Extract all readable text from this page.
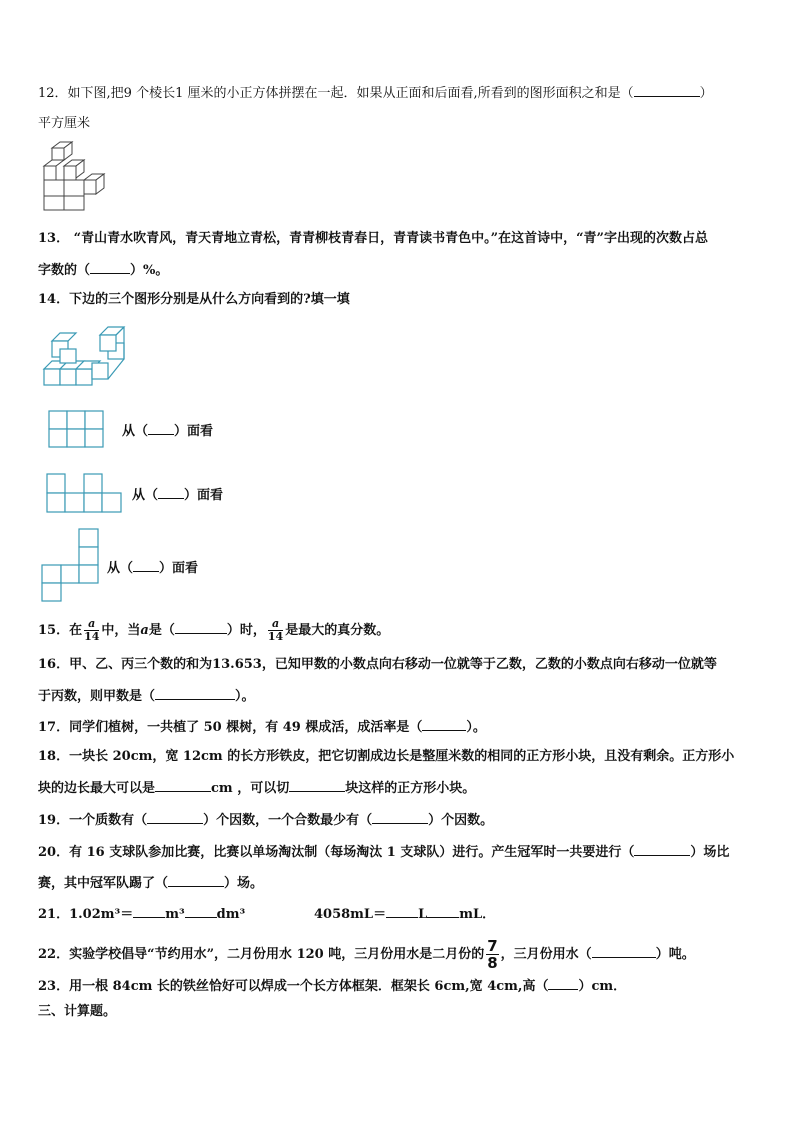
12．如下图,把9 个棱长1 厘米的小正方体拼摆在一起．如果从正面和后面看,所看到的图形面积之和是（	）
平方厘米
13． “青山青水吹青风，青天青地立青松，青青柳枝青春日，青青读书青色中。”在这首诗中，“青”字出现的次数占总
字数的（	）%。
14．下边的三个图形分别是从什么方向看到的?填一填
从（ ）面看
从（ ）面看
从（ ）面看
15．在 $\frac{a}{14}$ 中，当a是（	）时， $\frac{a}{14}$ 是最大的真分数。
16．甲、乙、丙三个数的和为13.653，已知甲数的小数点向右移动一位就等于乙数，乙数的小数点向右移动一位就等
于丙数，则甲数是（	）。
17．同学们植树，一共植了 50 棵树，有 49 棵成活，成活率是（	）。
18．一块长 20cm，宽 12cm 的长方形铁皮，把它切割成边长是整厘米数的相同的正方形小块，且没有剩余。正方形小
块的边长最大可以是	cm ，可以切	块这样的正方形小块。
19．一个质数有（	）个因数，一个合数最少有（	）个因数。
20．有 16 支球队参加比赛，比赛以单场淘汰制（每场淘汰 1 支球队）进行。产生冠军时一共要进行（	）场比
赛，其中冠军队踢了（	）场。
21．1.02m³＝ m³ dm³	4058mL＝ L mL．
22．实验学校倡导“节约用水”，二月份用水 120 吨，三月份用水是二月份的 $\frac{7}{8}$ ，三月份用水（	）吨。
23．用一根 84cm 长的铁丝恰好可以焊成一个长方体框架．框架长 6cm,宽 4cm,高（ ）cm．
三、计算题。
